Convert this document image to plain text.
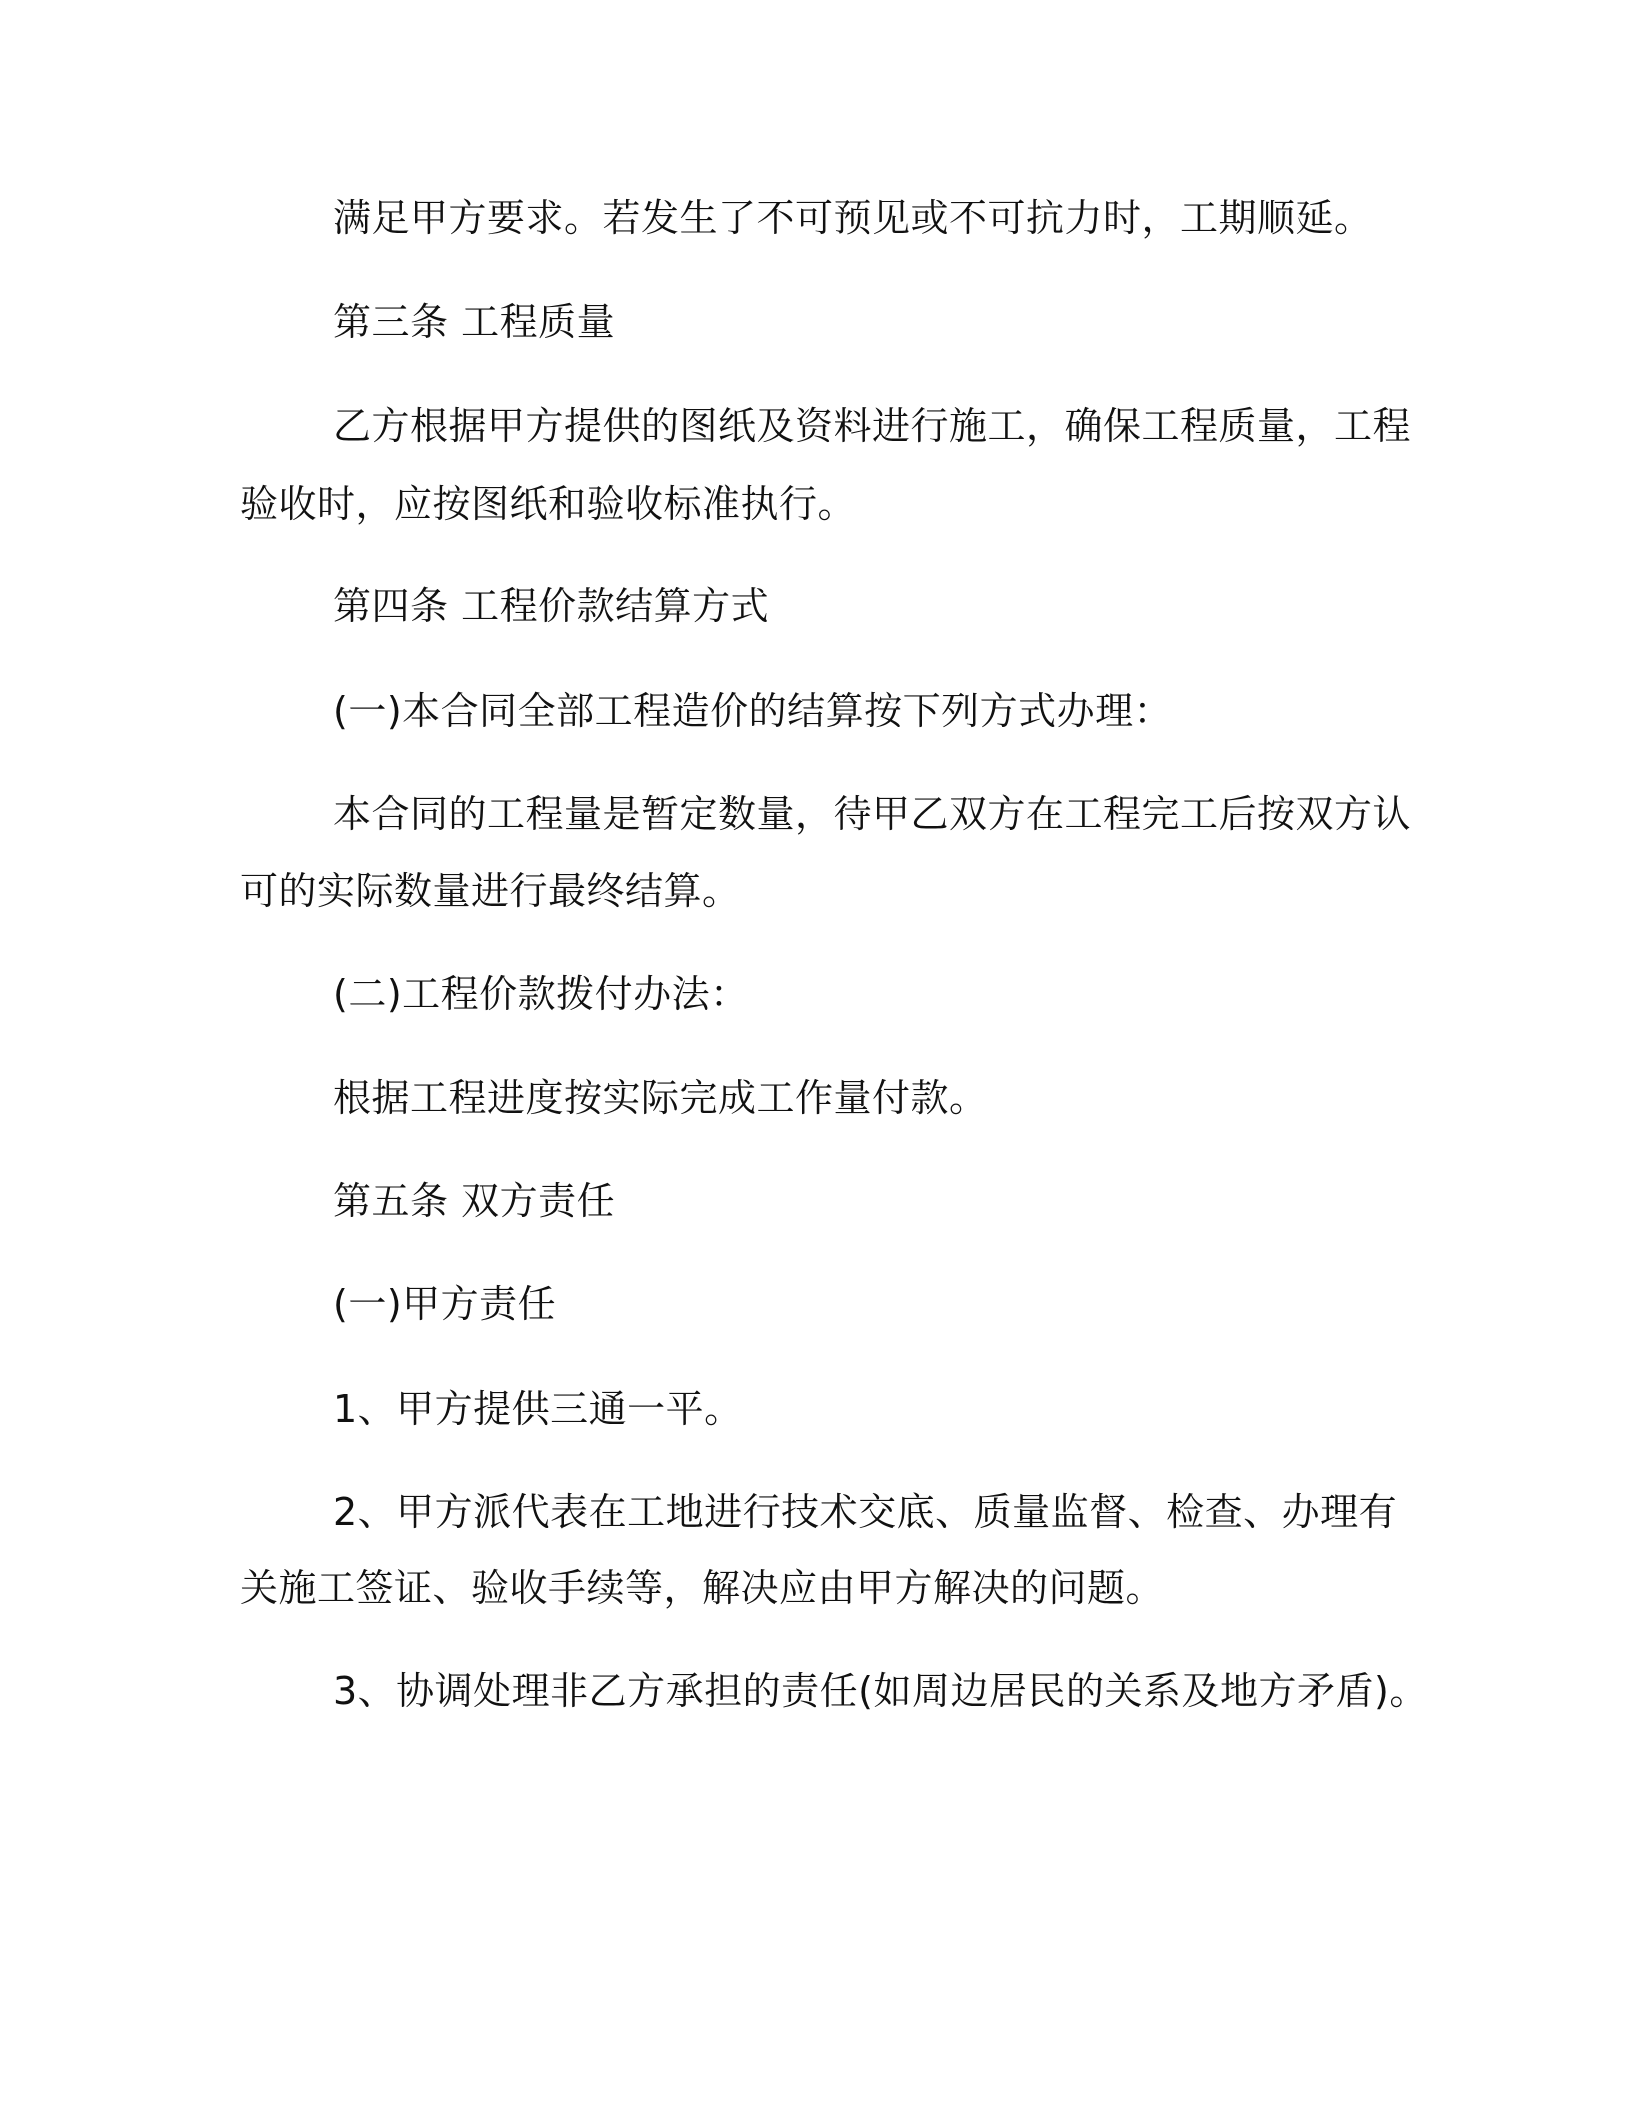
满足甲方要求。若发生了不可预见或不可抗力时，工期顺延。
第三条 工程质量
乙方根据甲方提供的图纸及资料进行施工，确保工程质量，工程
验收时，应按图纸和验收标准执行。
第四条 工程价款结算方式
(一)本合同全部工程造价的结算按下列方式办理：
本合同的工程量是暂定数量，待甲乙双方在工程完工后按双方认
可的实际数量进行最终结算。
(二)工程价款拨付办法：
根据工程进度按实际完成工作量付款。
第五条 双方责任
(一)甲方责任
1、甲方提供三通一平。
2、甲方派代表在工地进行技术交底、质量监督、检查、办理有
关施工签证、验收手续等，解决应由甲方解决的问题。
3、协调处理非乙方承担的责任(如周边居民的关系及地方矛盾)。
